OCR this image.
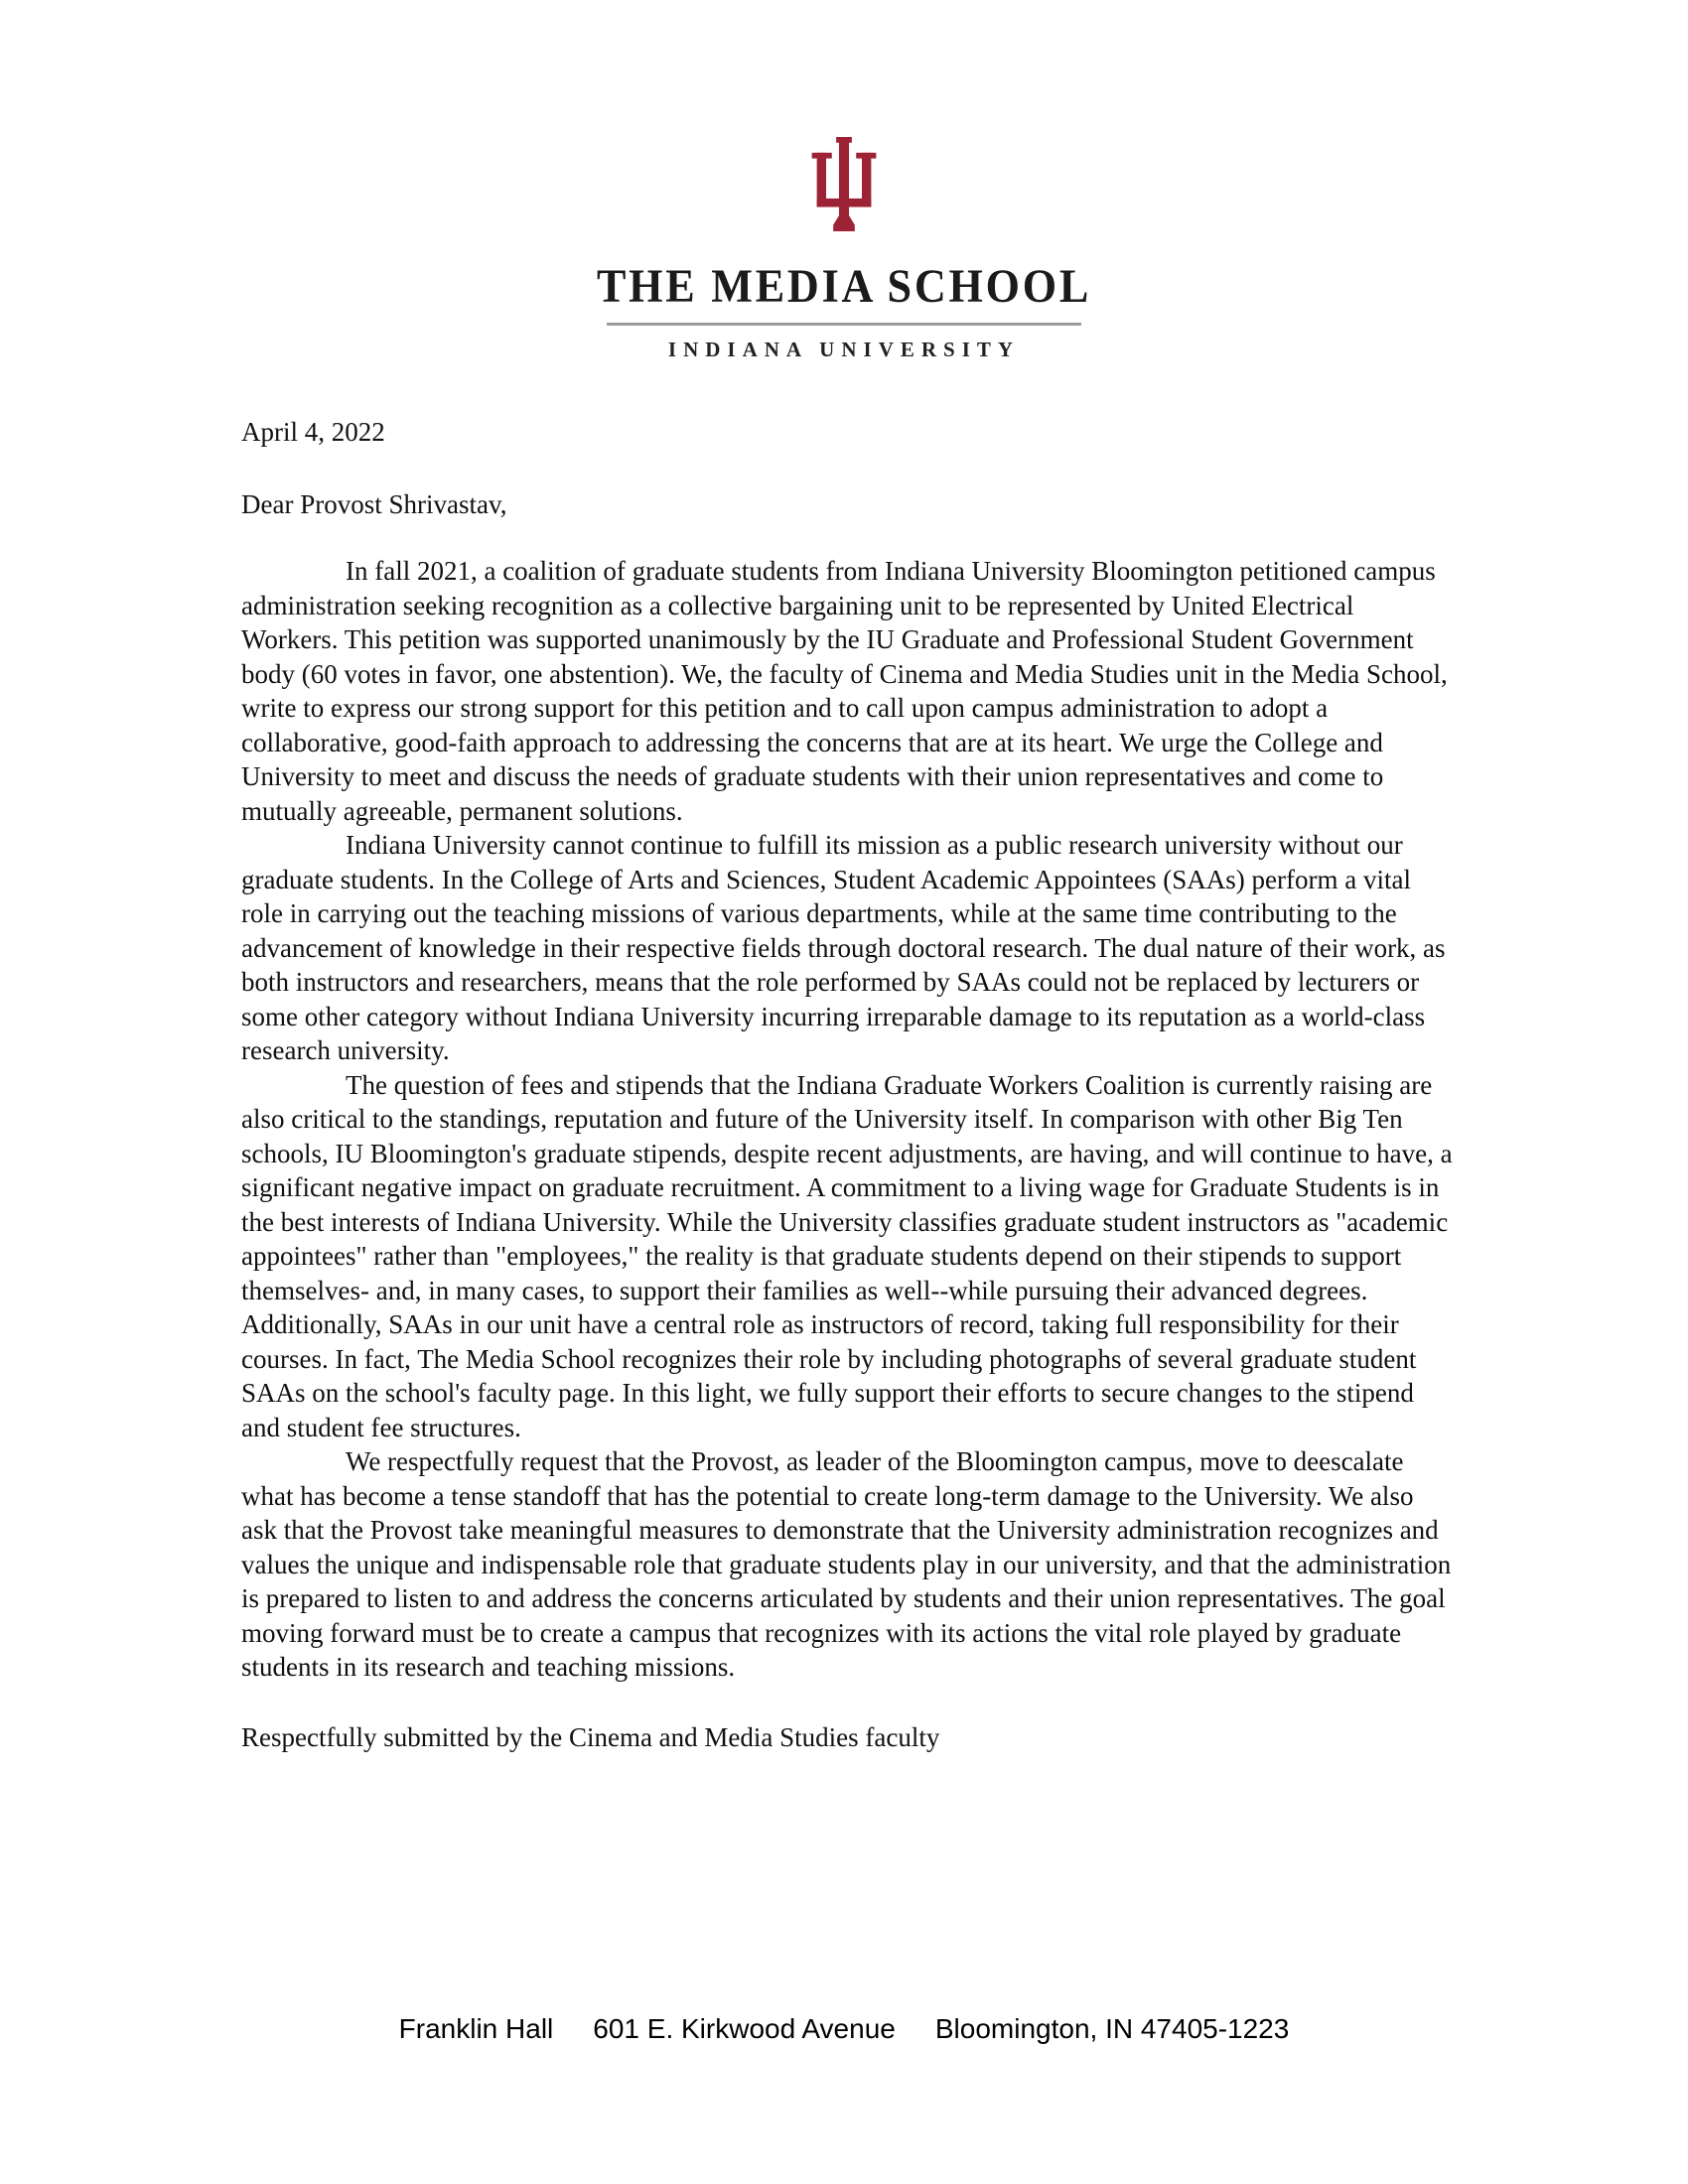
THE MEDIA SCHOOL
INDIANA UNIVERSITY

April 4, 2022

Dear Provost Shrivastav,

In fall 2021, a coalition of graduate students from Indiana University Bloomington petitioned campus administration seeking recognition as a collective bargaining unit to be represented by United Electrical Workers. This petition was supported unanimously by the IU Graduate and Professional Student Government body (60 votes in favor, one abstention). We, the faculty of Cinema and Media Studies unit in the Media School, write to express our strong support for this petition and to call upon campus administration to adopt a collaborative, good-faith approach to addressing the concerns that are at its heart. We urge the College and University to meet and discuss the needs of graduate students with their union representatives and come to mutually agreeable, permanent solutions.

Indiana University cannot continue to fulfill its mission as a public research university without our graduate students. In the College of Arts and Sciences, Student Academic Appointees (SAAs) perform a vital role in carrying out the teaching missions of various departments, while at the same time contributing to the advancement of knowledge in their respective fields through doctoral research. The dual nature of their work, as both instructors and researchers, means that the role performed by SAAs could not be replaced by lecturers or some other category without Indiana University incurring irreparable damage to its reputation as a world-class research university.

The question of fees and stipends that the Indiana Graduate Workers Coalition is currently raising are also critical to the standings, reputation and future of the University itself. In comparison with other Big Ten schools, IU Bloomington's graduate stipends, despite recent adjustments, are having, and will continue to have, a significant negative impact on graduate recruitment. A commitment to a living wage for Graduate Students is in the best interests of Indiana University. While the University classifies graduate student instructors as "academic appointees" rather than "employees," the reality is that graduate students depend on their stipends to support themselves- and, in many cases, to support their families as well--while pursuing their advanced degrees. Additionally, SAAs in our unit have a central role as instructors of record, taking full responsibility for their courses. In fact, The Media School recognizes their role by including photographs of several graduate student SAAs on the school's faculty page. In this light, we fully support their efforts to secure changes to the stipend and student fee structures.

We respectfully request that the Provost, as leader of the Bloomington campus, move to deescalate what has become a tense standoff that has the potential to create long-term damage to the University. We also ask that the Provost take meaningful measures to demonstrate that the University administration recognizes and values the unique and indispensable role that graduate students play in our university, and that the administration is prepared to listen to and address the concerns articulated by students and their union representatives. The goal moving forward must be to create a campus that recognizes with its actions the vital role played by graduate students in its research and teaching missions.

Respectfully submitted by the Cinema and Media Studies faculty

Franklin Hall 601 E. Kirkwood Avenue Bloomington, IN 47405-1223
